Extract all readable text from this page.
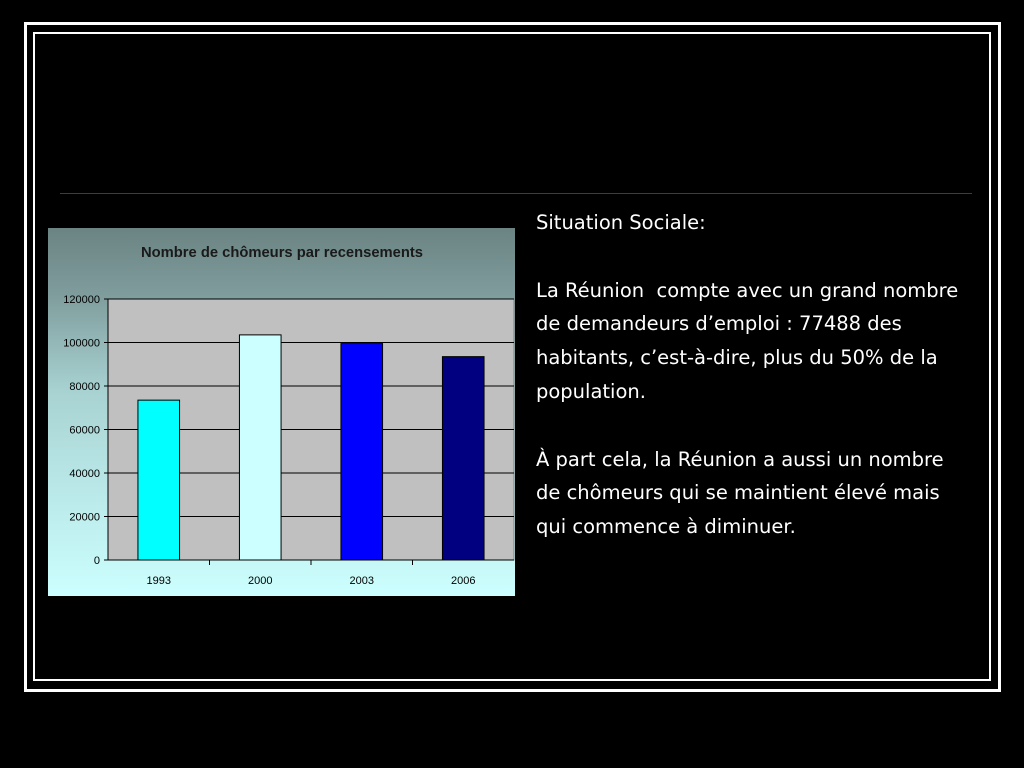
Nombre de chômeurs par recensements
0
20000
40000
60000
80000
100000
120000
1993	2000	2003	2006

Situation Sociale:

La Réunion  compte avec un grand nombre de demandeurs d’emploi : 77488 des habitants, c’est-à-dire, plus du 50% de la population.

À part cela, la Réunion a aussi un nombre de chômeurs qui se maintient élevé mais qui commence à diminuer.
